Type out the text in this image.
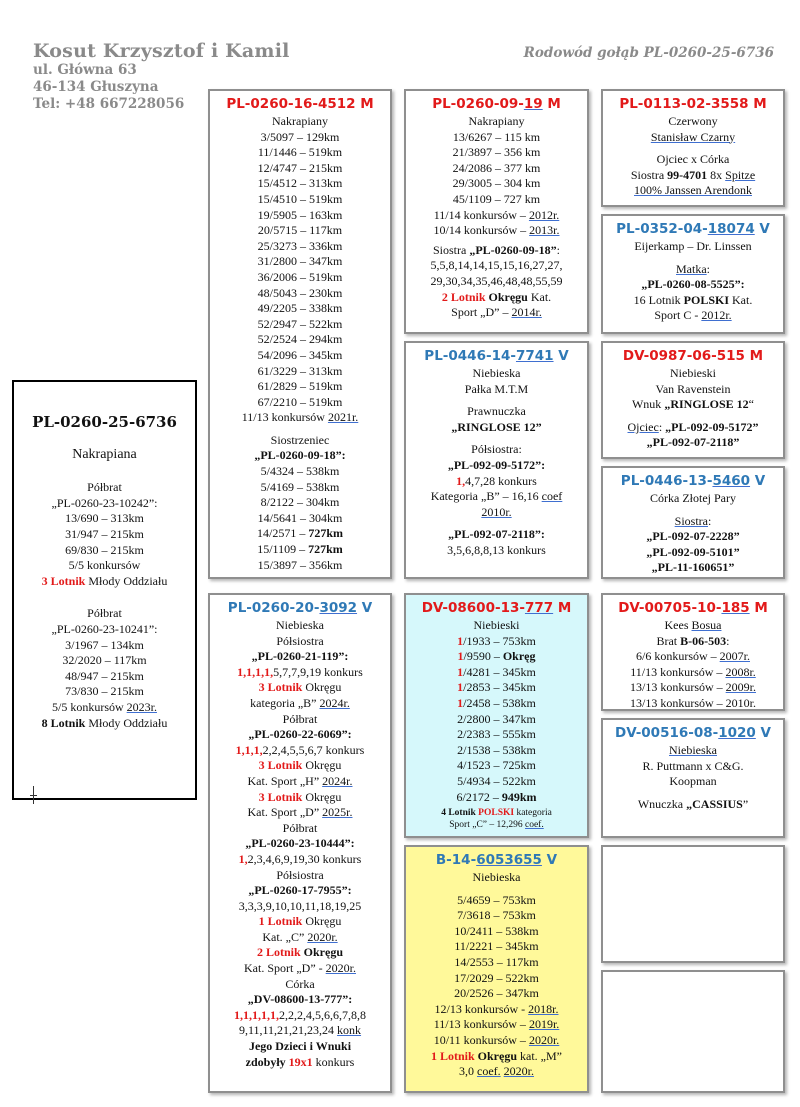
Kosut Krzysztof i Kamil
ul. Główna 63
46-134 Głuszyna
Tel: +48 667228056
Rodowód gołąb PL-0260-25-6736
PL-0260-25-6736
Nakrapiana
Półbrat
„PL-0260-23-10242”:
13/690 – 313km
31/947 – 215km
69/830 – 215km
5/5 konkursów
3 Lotnik Młody Oddziału
Półbrat
„PL-0260-23-10241”:
3/1967 – 134km
32/2020 – 117km
48/947 – 215km
73/830 – 215km
5/5 konkursów 2023r.
8 Lotnik Młody Oddziału
PL-0260-16-4512 M
Nakrapiany
3/5097 – 129km
11/1446 – 519km
12/4747 – 215km
15/4512 – 313km
15/4510 – 519km
19/5905 – 163km
20/5715 – 117km
25/3273 – 336km
31/2800 – 347km
36/2006 – 519km
48/5043 – 230km
49/2205 – 338km
52/2947 – 522km
52/2524 – 294km
54/2096 – 345km
61/3229 – 313km
61/2829 – 519km
67/2210 – 519km
11/13 konkursów 2021r.
Siostrzeniec
„PL-0260-09-18”:
5/4324 – 538km
5/4169 – 538km
8/2122 – 304km
14/5641 – 304km
14/2571 – 727km
15/1109 – 727km
15/3897 – 356km
PL-0260-20-3092 V
Niebieska
Półsiostra
„PL-0260-21-119”:
1,1,1,1,5,7,7,9,19 konkurs
3 Lotnik Okręgu
kategoria „B” 2024r.
Półbrat
„PL-0260-22-6069”:
1,1,1,2,2,4,5,5,6,7 konkurs
3 Lotnik Okręgu
Kat. Sport „H” 2024r.
3 Lotnik Okręgu
Kat. Sport „D” 2025r.
Półbrat
„PL-0260-23-10444”:
1,2,3,4,6,9,19,30 konkurs
Półsiostra
„PL-0260-17-7955”:
3,3,3,9,10,10,11,18,19,25
1 Lotnik Okręgu
Kat. „C” 2020r.
2 Lotnik Okręgu
Kat. Sport „D” - 2020r.
Córka
„DV-08600-13-777”:
1,1,1,1,1,2,2,2,4,5,6,6,7,8,8
9,11,11,21,21,23,24 konk
Jego Dzieci i Wnuki
zdobyły 19x1 konkurs
PL-0260-09-19 M
Nakrapiany
13/6267 – 115 km
21/3897 – 356 km
24/2086 – 377 km
29/3005 – 304 km
45/1109 – 727 km
11/14 konkursów – 2012r.
10/14 konkursów – 2013r.
Siostra „PL-0260-09-18”:
5,5,8,14,14,15,15,16,27,27,
29,30,34,35,46,48,48,55,59
2 Lotnik Okręgu Kat.
Sport „D” – 2014r.
PL-0446-14-7741 V
Niebieska
Pałka M.T.M
Prawnuczka
„RINGLOSE 12”
Półsiostra:
„PL-092-09-5172”:
1,4,7,28 konkurs
Kategoria „B” – 16,16 coef
2010r.
„PL-092-07-2118”:
3,5,6,8,8,13 konkurs
DV-08600-13-777 M
Niebieski
1/1933 – 753km
1/9590 – Okręg
1/4281 – 345km
1/2853 – 345km
1/2458 – 538km
2/2800 – 347km
2/2383 – 555km
2/1538 – 538km
4/1523 – 725km
5/4934 – 522km
6/2172 – 949km
4 Lotnik POLSKI kategoria
Sport „C” – 12,296 coef.
B-14-6053655 V
Niebieska
5/4659 – 753km
7/3618 – 753km
10/2411 – 538km
11/2221 – 345km
14/2553 – 117km
17/2029 – 522km
20/2526 – 347km
12/13 konkursów - 2018r.
11/13 konkursów – 2019r.
10/11 konkursów – 2020r.
1 Lotnik Okręgu kat. „M”
3,0 coef. 2020r.
PL-0113-02-3558 M
Czerwony
Stanisław Czarny
Ojciec x Córka
Siostra 99-4701 8x Spitze
100% Janssen Arendonk
PL-0352-04-18074 V
Eijerkamp – Dr. Linssen
Matka:
„PL-0260-08-5525”:
16 Lotnik POLSKI Kat.
Sport C - 2012r.
DV-0987-06-515 M
Niebieski
Van Ravenstein
Wnuk „RINGLOSE 12“
Ojciec: „PL-092-09-5172”
„PL-092-07-2118”
PL-0446-13-5460 V
Córka Złotej Pary
Siostra:
„PL-092-07-2228”
„PL-092-09-5101”
„PL-11-160651”
DV-00705-10-185 M
Kees Bosua
Brat B-06-503:
6/6 konkursów – 2007r.
11/13 konkursów – 2008r.
13/13 konkursów – 2009r.
13/13 konkursów – 2010r.
DV-00516-08-1020 V
Niebieska
R. Puttmann x C&G.
Koopman
Wnuczka „CASSIUS”
